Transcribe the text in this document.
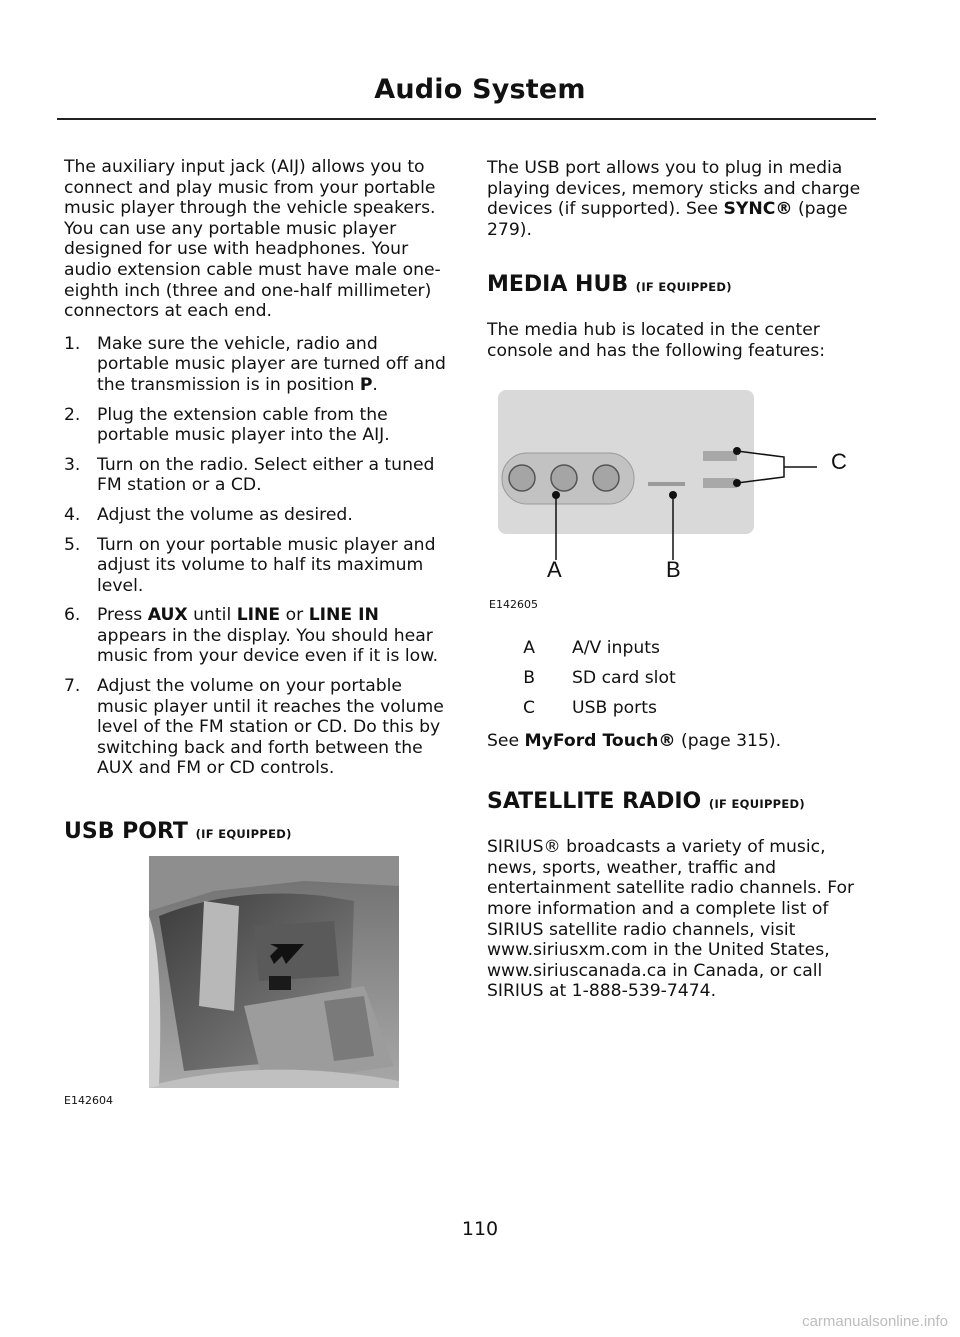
Audio System

The auxiliary input jack (AIJ) allows you to connect and play music from your portable music player through the vehicle speakers. You can use any portable music player designed for use with headphones. Your audio extension cable must have male one-eighth inch (three and one-half millimeter) connectors at each end.

1. Make sure the vehicle, radio and portable music player are turned off and the transmission is in position P.
2. Plug the extension cable from the portable music player into the AIJ.
3. Turn on the radio. Select either a tuned FM station or a CD.
4. Adjust the volume as desired.
5. Turn on your portable music player and adjust its volume to half its maximum level.
6. Press AUX until LINE or LINE IN appears in the display. You should hear music from your device even if it is low.
7. Adjust the volume on your portable music player until it reaches the volume level of the FM station or CD. Do this by switching back and forth between the AUX and FM or CD controls.
USB PORT (IF EQUIPPED)
E142604

The USB port allows you to plug in media playing devices, memory sticks and charge devices (if supported). See SYNC® (page 279).

MEDIA HUB (IF EQUIPPED)

The media hub is located in the center console and has the following features:

A	B
C
E142605
A A/V inputs
B SD card slot
C USB ports

See MyFord Touch® (page 315).

SATELLITE RADIO (IF EQUIPPED)

SIRIUS® broadcasts a variety of music, news, sports, weather, traffic and entertainment satellite radio channels. For more information and a complete list of SIRIUS satellite radio channels, visit www.siriusxm.com in the United States, www.siriuscanada.ca in Canada, or call SIRIUS at 1-888-539-7474.

110
carmanualsonline.info
